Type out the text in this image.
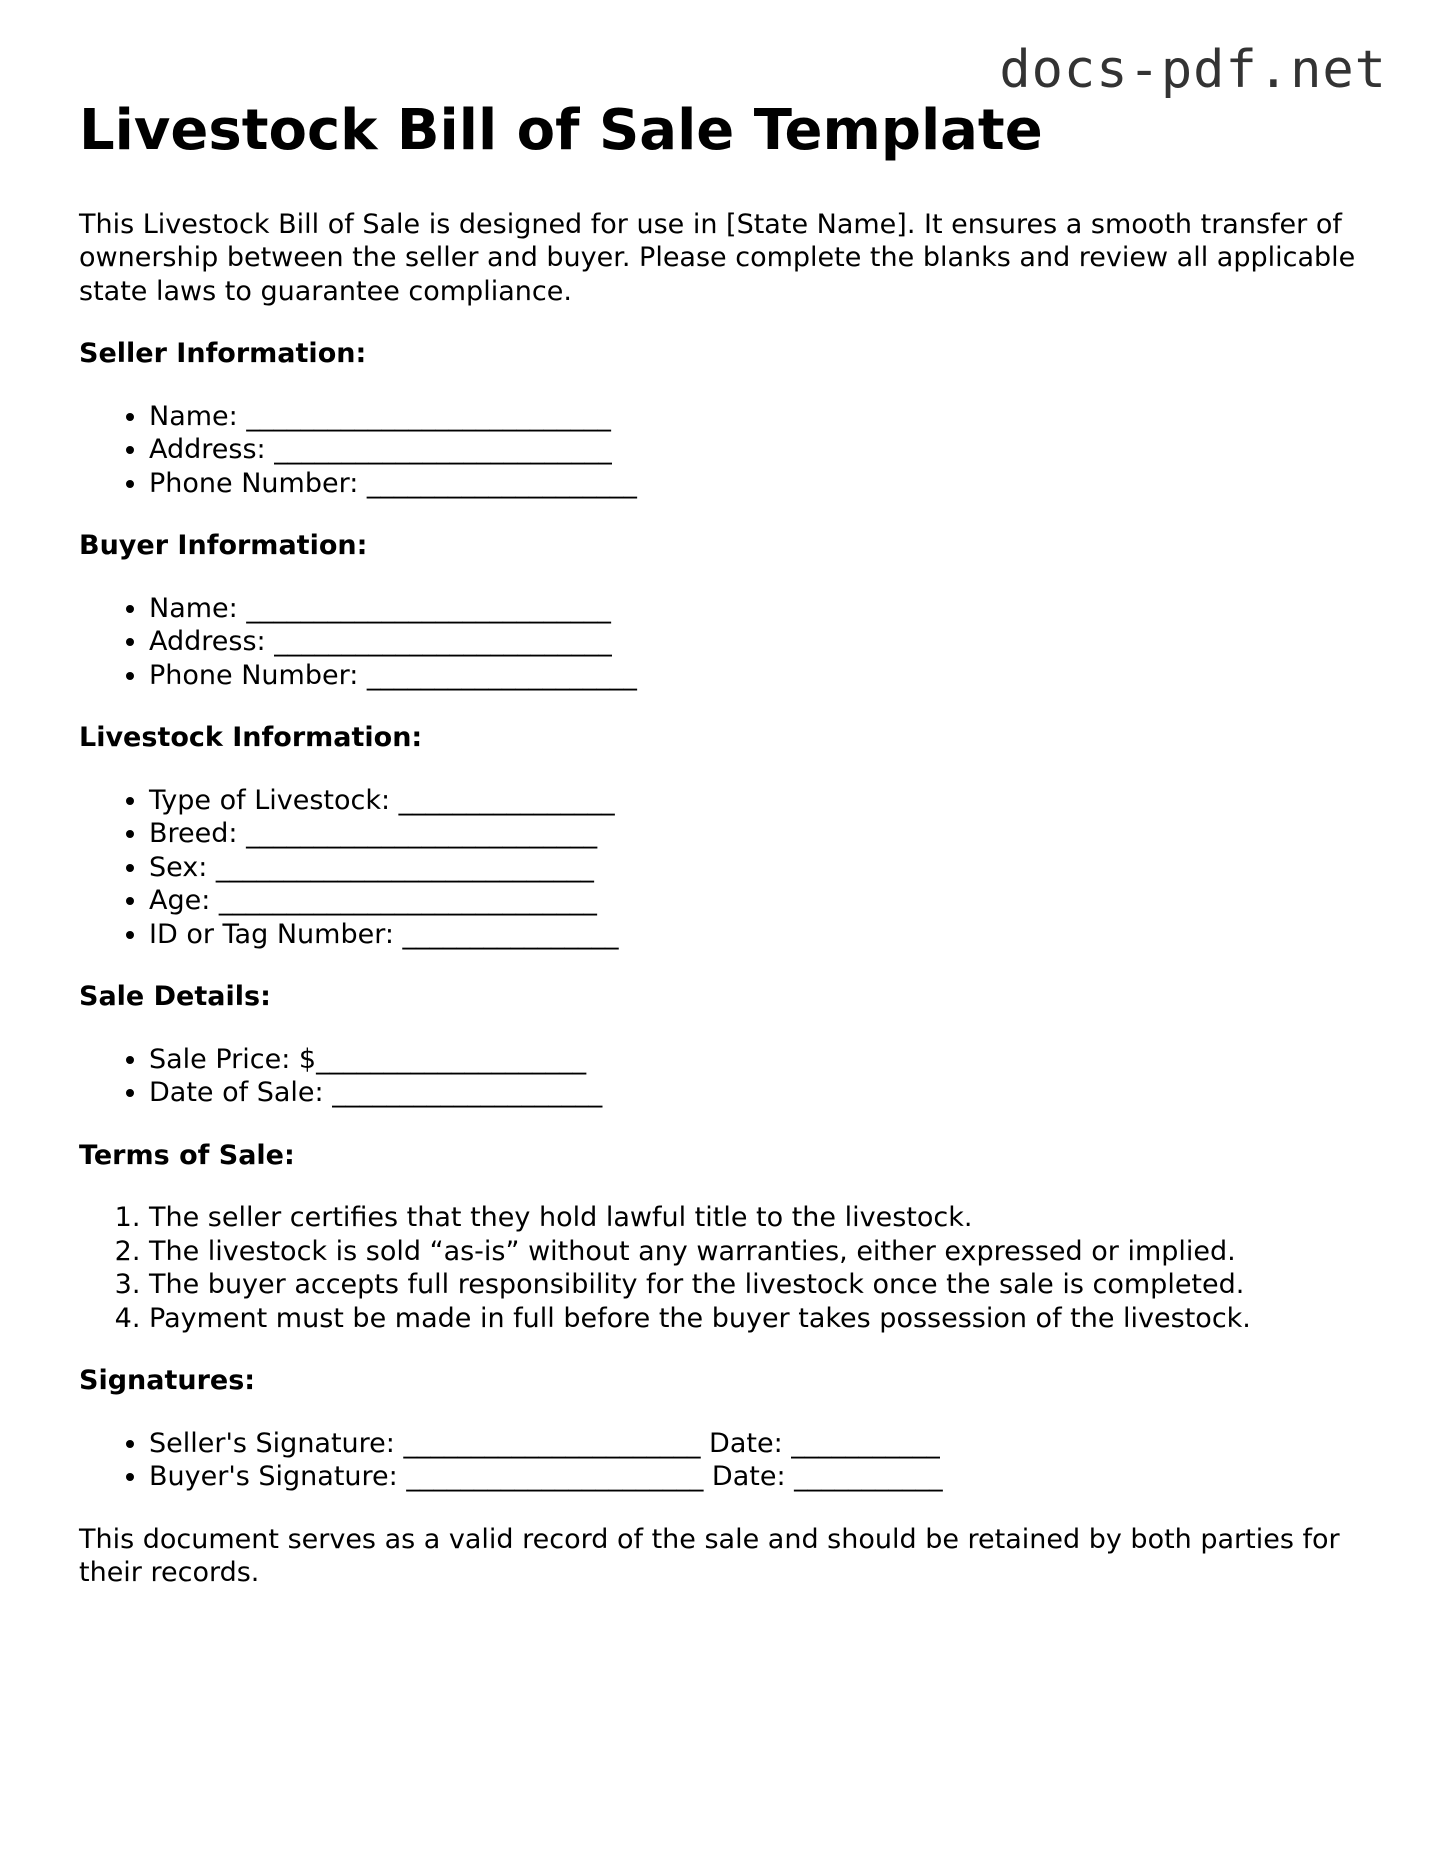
docs-pdf.net
Livestock Bill of Sale Template

This Livestock Bill of Sale is designed for use in [State Name]. It ensures a smooth transfer of ownership between the seller and buyer. Please complete the blanks and review all applicable state laws to guarantee compliance.

Seller Information:
• Name: ___________________________
• Address: _________________________
• Phone Number: ____________________
Buyer Information:
• Name: ___________________________
• Address: _________________________
• Phone Number: ____________________
Livestock Information:
• Type of Livestock: ________________
• Breed: __________________________
• Sex: ____________________________
• Age: ____________________________
• ID or Tag Number: ________________
Sale Details:
• Sale Price: $____________________
• Date of Sale: ____________________
Terms of Sale:
1. The seller certifies that they hold lawful title to the livestock.
2. The livestock is sold “as-is” without any warranties, either expressed or implied.
3. The buyer accepts full responsibility for the livestock once the sale is completed.
4. Payment must be made in full before the buyer takes possession of the livestock.
Signatures:
• Seller's Signature: ______________________ Date: ___________
• Buyer's Signature: ______________________ Date: ___________

This document serves as a valid record of the sale and should be retained by both parties for their records.
